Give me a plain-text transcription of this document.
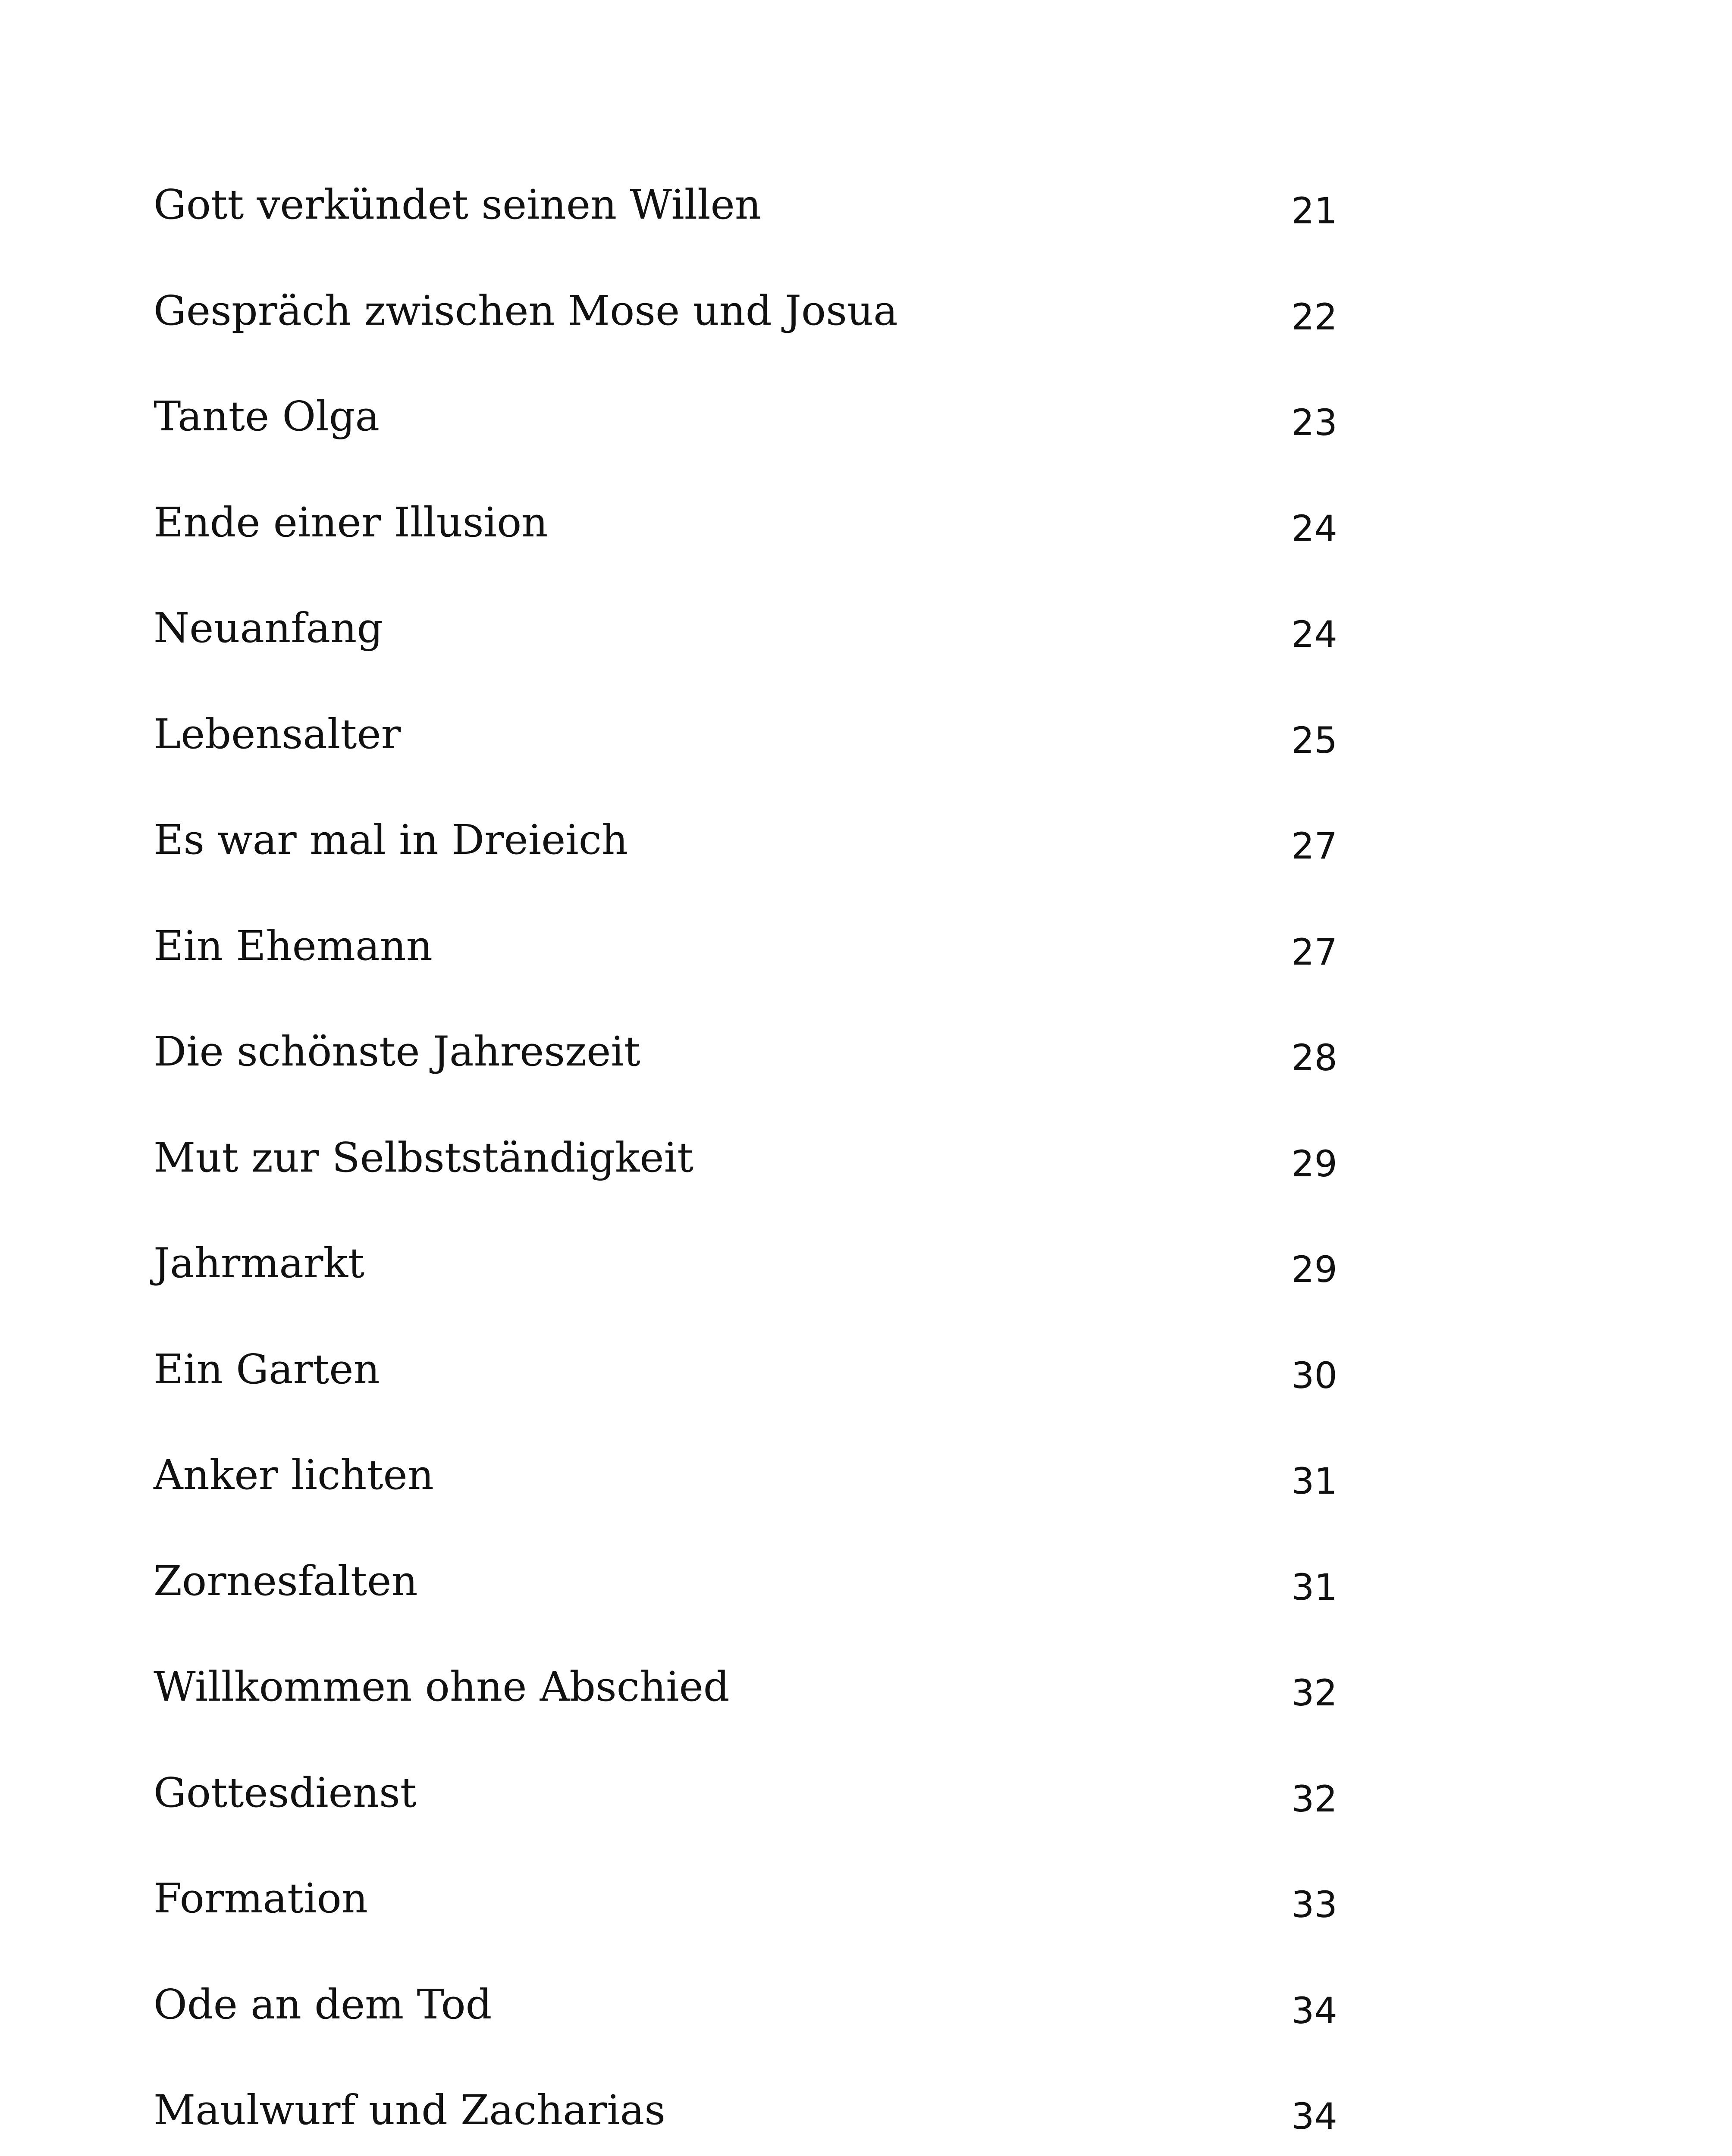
Gott verkündet seinen Willen	21
Gespräch zwischen Mose und Josua	22
Tante Olga	23
Ende einer Illusion	24
Neuanfang	24
Lebensalter	25
Es war mal in Dreieich	27
Ein Ehemann	27
Die schönste Jahreszeit	28
Mut zur Selbstständigkeit	29
Jahrmarkt	29
Ein Garten	30
Anker lichten	31
Zornesfalten	31
Willkommen ohne Abschied	32
Gottesdienst	32
Formation	33
Ode an dem Tod	34
Maulwurf und Zacharias	34
